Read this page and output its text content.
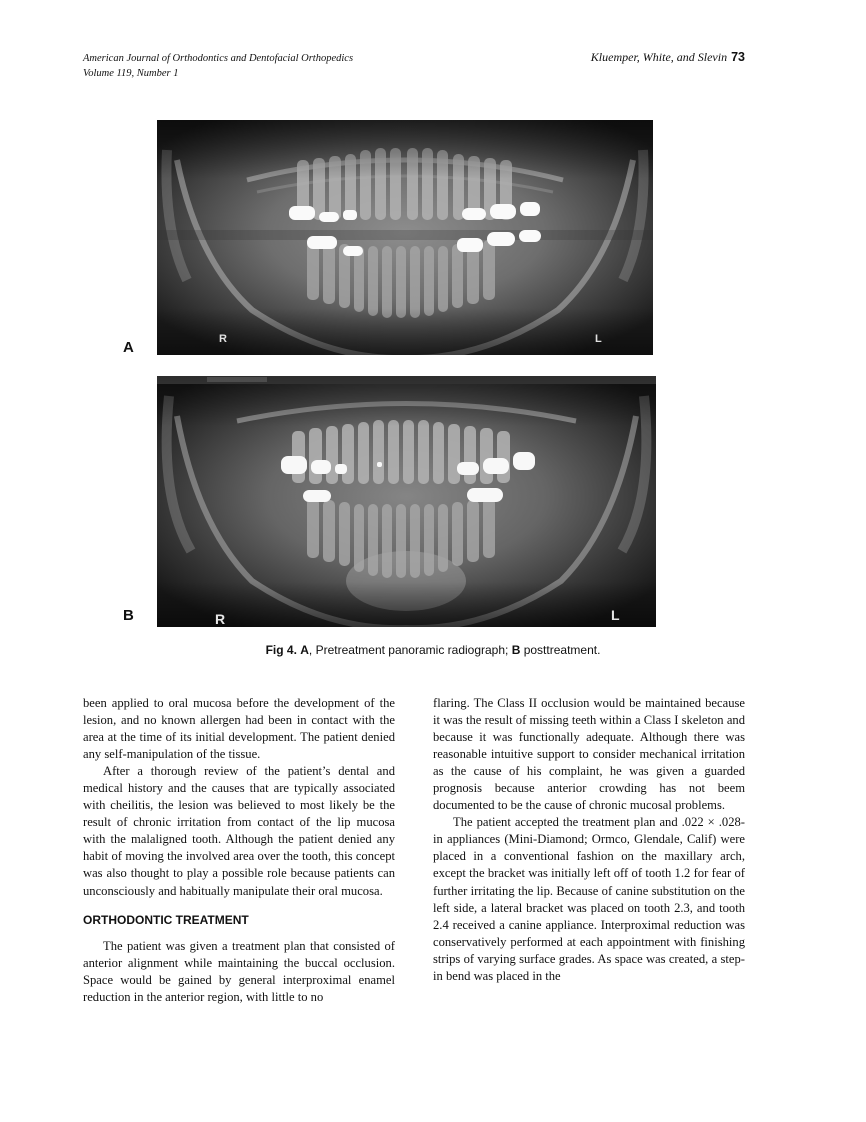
American Journal of Orthodontics and Dentofacial Orthopedics
Volume 119, Number 1
Kluemper, White, and Slevin 73
R	L
A
R	L
B
Fig 4. A, Pretreatment panoramic radiograph; B posttreatment.

been applied to oral mucosa before the development of the lesion, and no known allergen had been in contact with the area at the time of its initial development. The patient denied any self-manipulation of the tissue.

After a thorough review of the patient’s dental and medical history and the causes that are typically associated with cheilitis, the lesion was believed to most likely be the result of chronic irritation from contact of the lip mucosa with the malaligned tooth. Although the patient denied any habit of moving the involved area over the tooth, this concept was also thought to play a possible role because patients can unconsciously and habitually manipulate their oral mucosa.

ORTHODONTIC TREATMENT

The patient was given a treatment plan that consisted of anterior alignment while maintaining the buccal occlusion. Space would be gained by general interproximal enamel reduction in the anterior region, with little to no

flaring. The Class II occlusion would be maintained because it was the result of missing teeth within a Class I skeleton and because it was functionally adequate. Although there was reasonable intuitive support to consider mechanical irritation as the cause of his complaint, he was given a guarded prognosis because anterior crowding has not beem documented to be the cause of chronic mucosal problems.

The patient accepted the treatment plan and .022 × .028-in appliances (Mini-Diamond; Ormco, Glendale, Calif) were placed in a conventional fashion on the maxillary arch, except the bracket was initially left off of tooth 1.2 for fear of further irritating the lip. Because of canine substitution on the left side, a lateral bracket was placed on tooth 2.3, and tooth 2.4 received a canine appliance. Interproximal reduction was conservatively performed at each appointment with finishing strips of varying surface grades. As space was created, a step-in bend was placed in the
